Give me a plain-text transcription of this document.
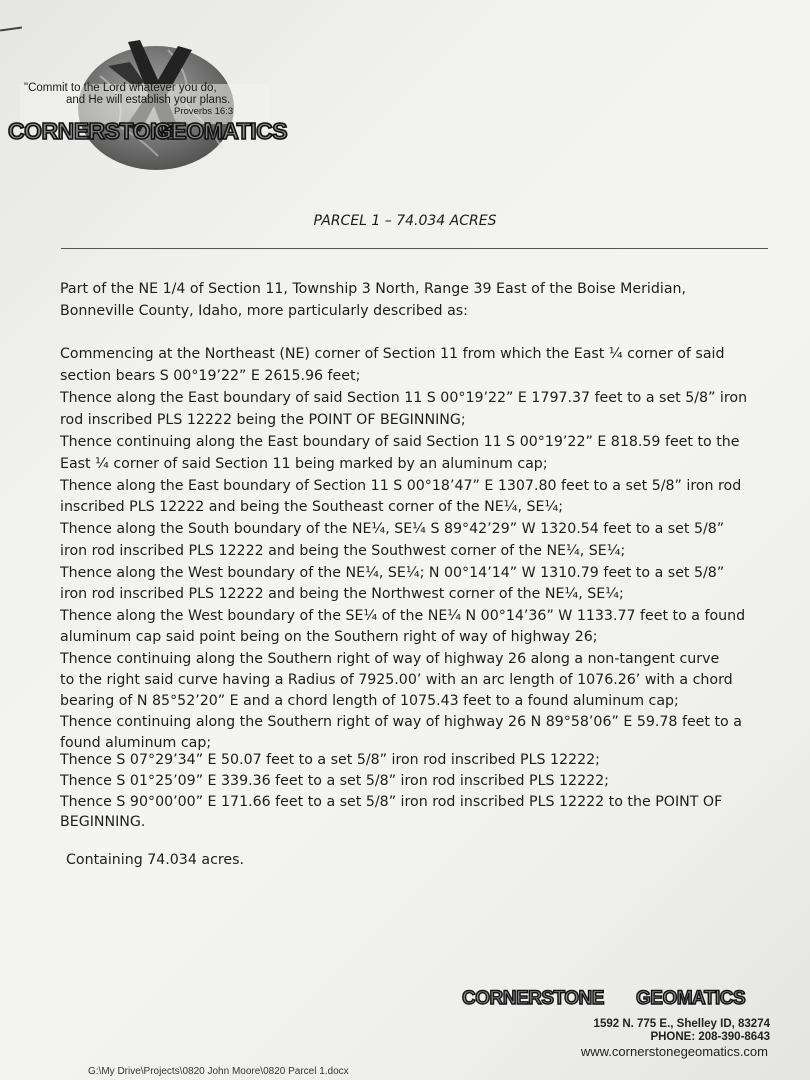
"Commit to the Lord whatever you do,
and He will establish your plans.
Proverbs 16:3
CORNERSTONE
GEOMATICS
PARCEL 1 – 74.034 ACRES
Part of the NE 1/4 of Section 11, Township 3 North, Range 39 East of the Boise Meridian,
Bonneville County, Idaho, more particularly described as:
Commencing at the Northeast (NE) corner of Section 11 from which the East ¼ corner of said
section bears S 00°19’22” E 2615.96 feet;
Thence along the East boundary of said Section 11 S 00°19’22” E 1797.37 feet to a set 5/8” iron
rod inscribed PLS 12222 being the POINT OF BEGINNING;
Thence continuing along the East boundary of said Section 11 S 00°19’22” E 818.59 feet to the
East ¼ corner of said Section 11 being marked by an aluminum cap;
Thence along the East boundary of Section 11 S 00°18’47” E 1307.80 feet to a set 5/8” iron rod
inscribed PLS 12222 and being the Southeast corner of the NE¼, SE¼;
Thence along the South boundary of the NE¼, SE¼ S 89°42’29” W 1320.54 feet to a set 5/8”
iron rod inscribed PLS 12222 and being the Southwest corner of the NE¼, SE¼;
Thence along the West boundary of the NE¼, SE¼; N 00°14’14” W 1310.79 feet to a set 5/8”
iron rod inscribed PLS 12222 and being the Northwest corner of the NE¼, SE¼;
Thence along the West boundary of the SE¼ of the NE¼ N 00°14’36” W 1133.77 feet to a found
aluminum cap said point being on the Southern right of way of highway 26;
Thence continuing along the Southern right of way of highway 26 along a non-tangent curve
to the right said curve having a Radius of 7925.00’ with an arc length of 1076.26’ with a chord
bearing of N 85°52’20” E and a chord length of 1075.43 feet to a found aluminum cap;
Thence continuing along the Southern right of way of highway 26 N 89°58’06” E 59.78 feet to a
found aluminum cap;
Thence S 07°29’34” E 50.07 feet to a set 5/8” iron rod inscribed PLS 12222;
Thence S 01°25’09” E 339.36 feet to a set 5/8” iron rod inscribed PLS 12222;
Thence S 90°00’00” E 171.66 feet to a set 5/8” iron rod inscribed PLS 12222 to the POINT OF
BEGINNING.
Containing 74.034 acres.
CORNERSTONE GEOMATICS
1592 N. 775 E., Shelley ID, 83274
PHONE: 208-390-8643
www.cornerstonegeomatics.com
G:\My Drive\Projects\0820 John Moore\0820 Parcel 1.docx
